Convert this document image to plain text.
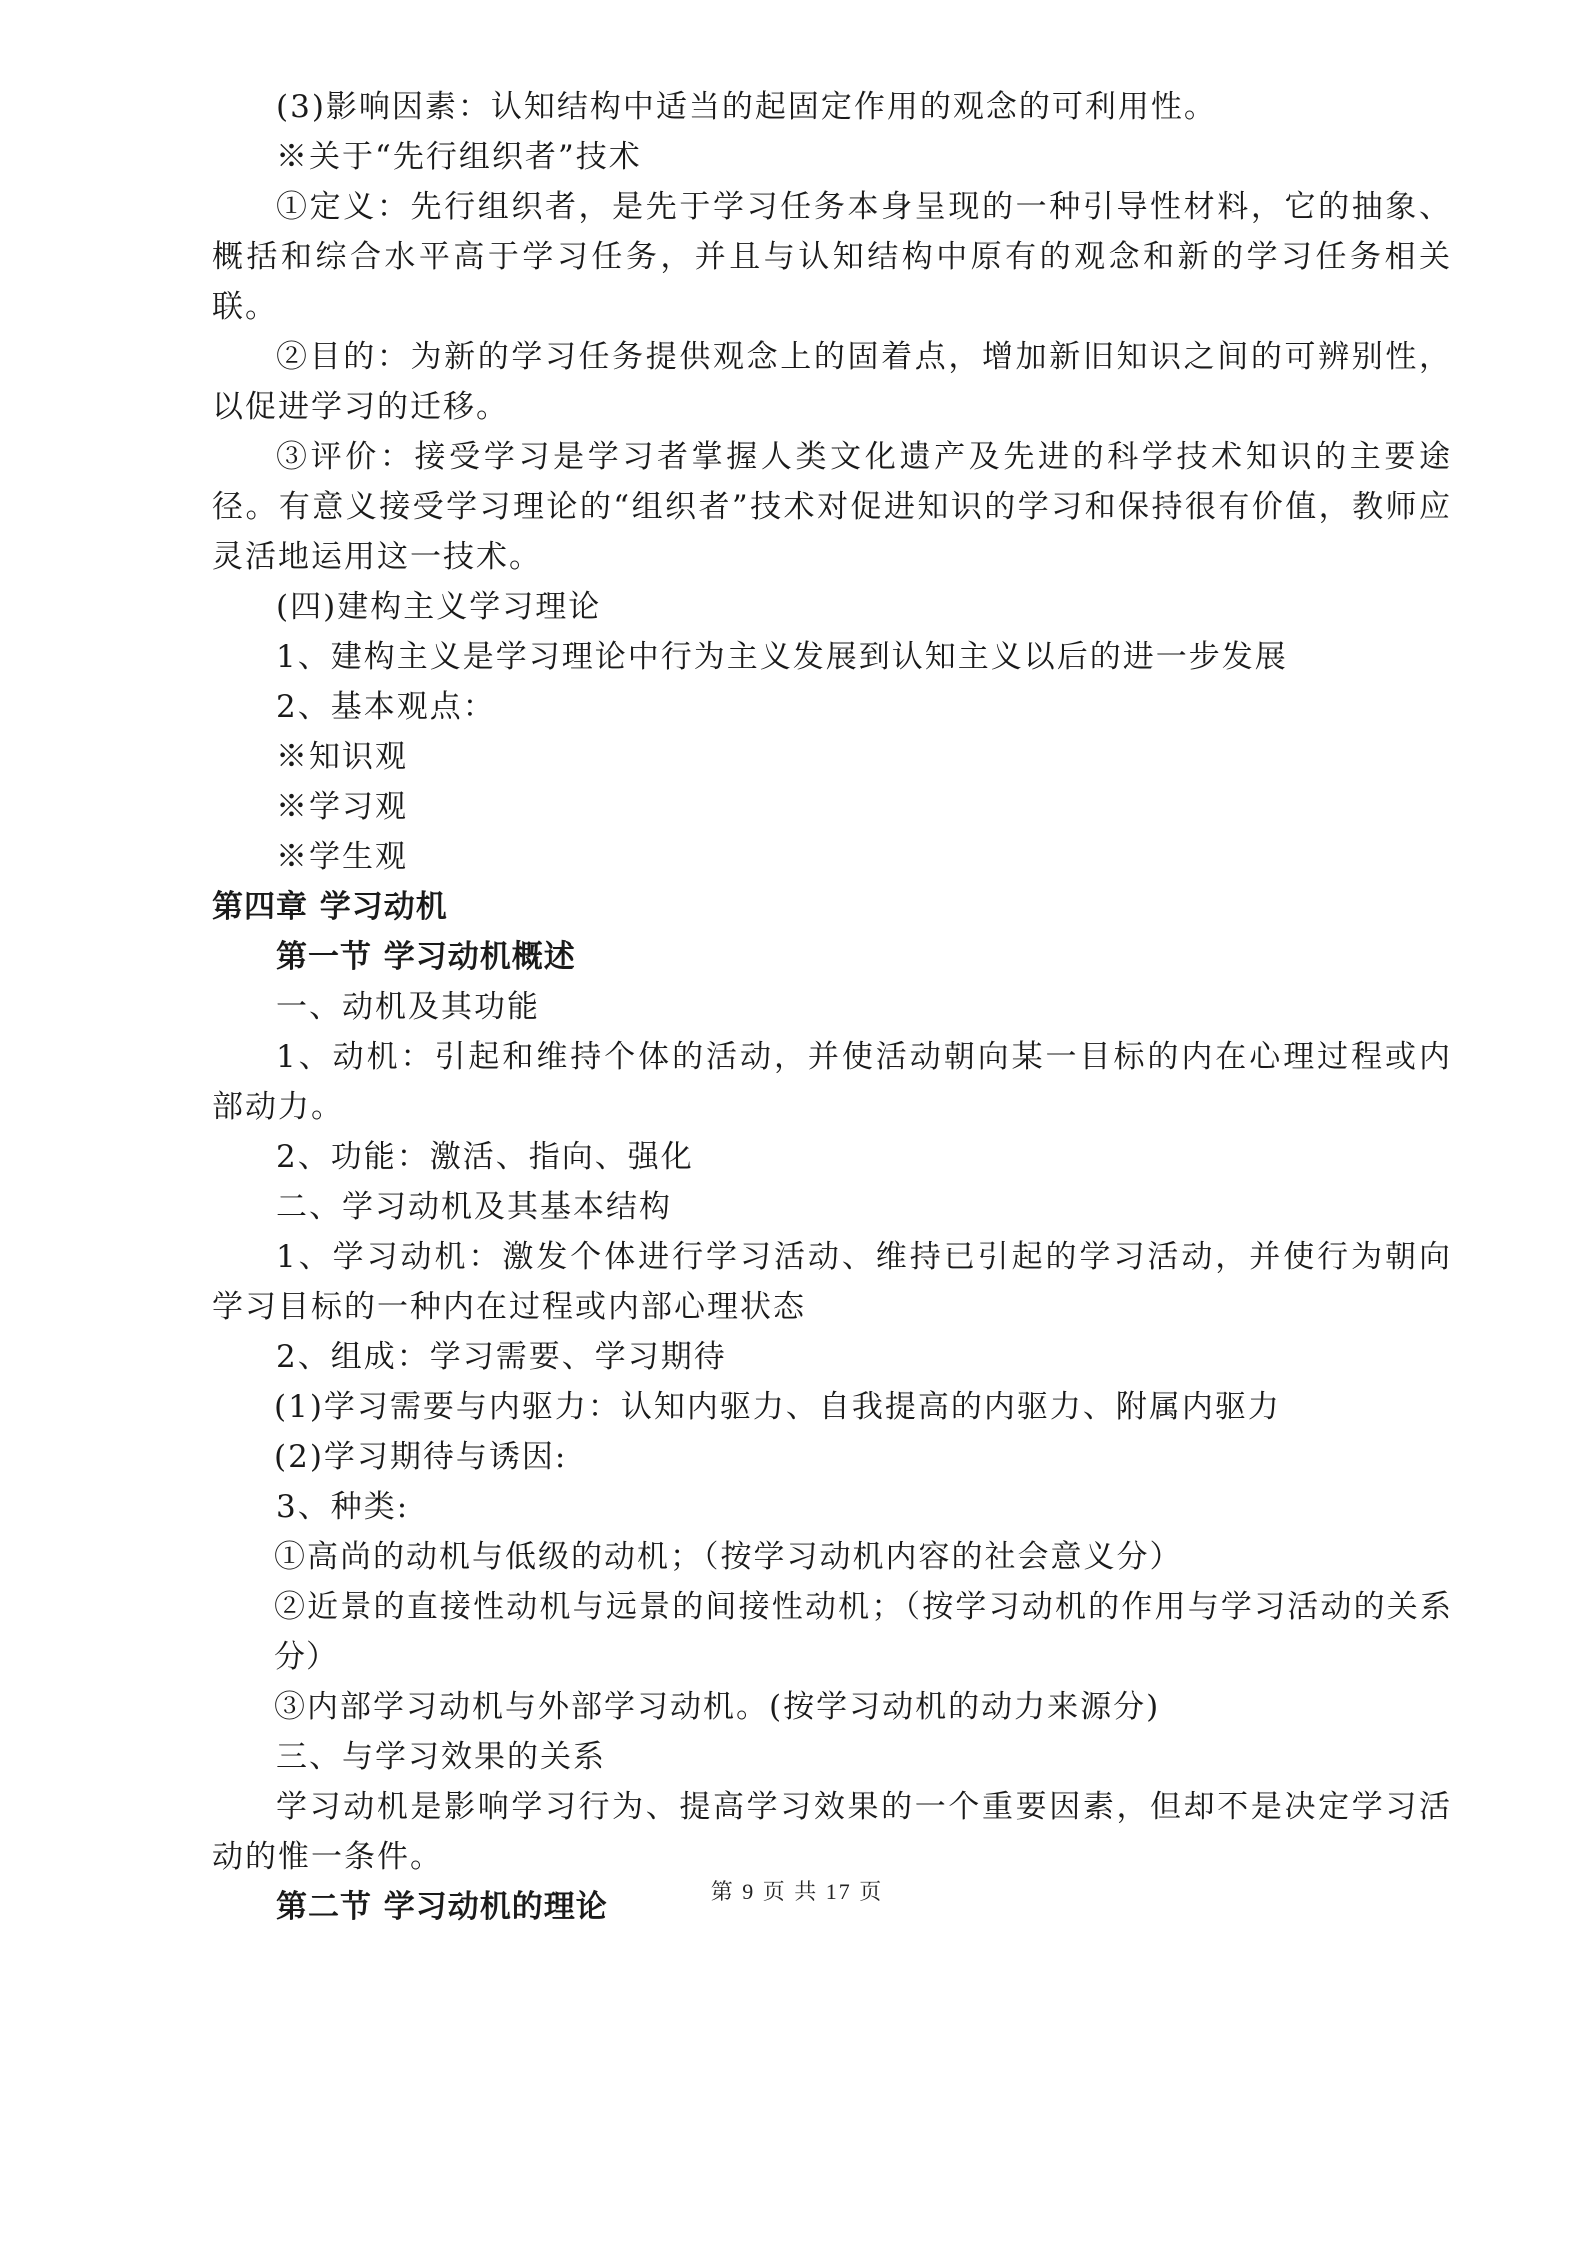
(3)影响因素：认知结构中适当的起固定作用的观念的可利用性。

※关于“先行组织者”技术

①定义：先行组织者，是先于学习任务本身呈现的一种引导性材料，它的抽象、概括和综合水平高于学习任务，并且与认知结构中原有的观念和新的学习任务相关联。

②目的：为新的学习任务提供观念上的固着点，增加新旧知识之间的可辨别性，以促进学习的迁移。

③评价：接受学习是学习者掌握人类文化遗产及先进的科学技术知识的主要途径。有意义接受学习理论的“组织者”技术对促进知识的学习和保持很有价值，教师应灵活地运用这一技术。

(四)建构主义学习理论

1、建构主义是学习理论中行为主义发展到认知主义以后的进一步发展

2、基本观点：

※知识观

※学习观

※学生观

第四章 学习动机

第一节 学习动机概述

一、动机及其功能

1、动机：引起和维持个体的活动，并使活动朝向某一目标的内在心理过程或内部动力。

2、功能：激活、指向、强化

二、学习动机及其基本结构

1、学习动机：激发个体进行学习活动、维持已引起的学习活动，并使行为朝向学习目标的一种内在过程或内部心理状态

2、组成：学习需要、学习期待

(1)学习需要与内驱力：认知内驱力、自我提高的内驱力、附属内驱力

(2)学习期待与诱因:

3、种类:

①高尚的动机与低级的动机；（按学习动机内容的社会意义分）

②近景的直接性动机与远景的间接性动机；（按学习动机的作用与学习活动的关系分）

③内部学习动机与外部学习动机。(按学习动机的动力来源分)

三、与学习效果的关系

学习动机是影响学习行为、提高学习效果的一个重要因素，但却不是决定学习活动的惟一条件。

第二节 学习动机的理论	第 9 页 共 17 页
